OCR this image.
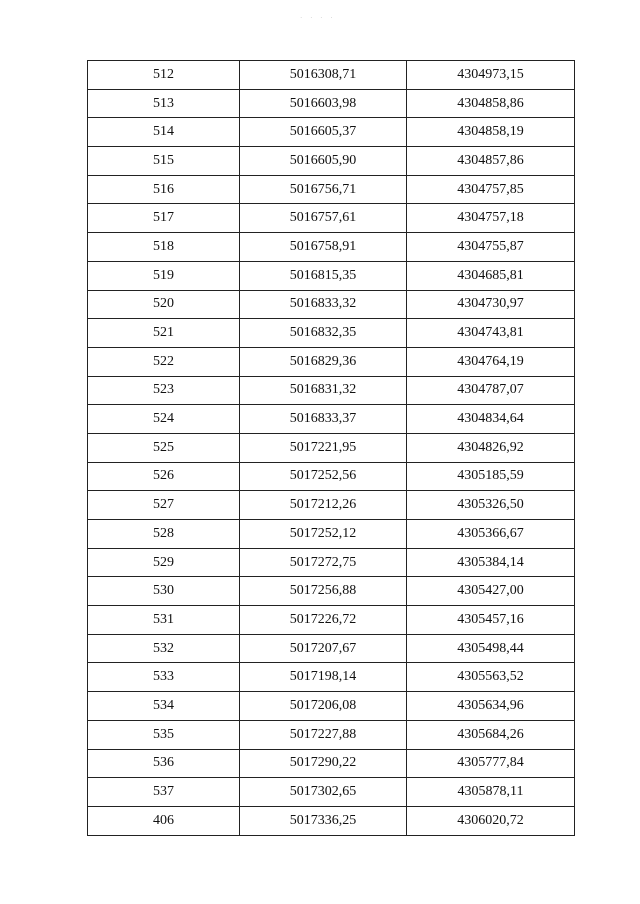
· · · ·
512	5016308,71	4304973,15
513	5016603,98	4304858,86
514	5016605,37	4304858,19
515	5016605,90	4304857,86
516	5016756,71	4304757,85
517	5016757,61	4304757,18
518	5016758,91	4304755,87
519	5016815,35	4304685,81
520	5016833,32	4304730,97
521	5016832,35	4304743,81
522	5016829,36	4304764,19
523	5016831,32	4304787,07
524	5016833,37	4304834,64
525	5017221,95	4304826,92
526	5017252,56	4305185,59
527	5017212,26	4305326,50
528	5017252,12	4305366,67
529	5017272,75	4305384,14
530	5017256,88	4305427,00
531	5017226,72	4305457,16
532	5017207,67	4305498,44
533	5017198,14	4305563,52
534	5017206,08	4305634,96
535	5017227,88	4305684,26
536	5017290,22	4305777,84
537	5017302,65	4305878,11
406	5017336,25	4306020,72
